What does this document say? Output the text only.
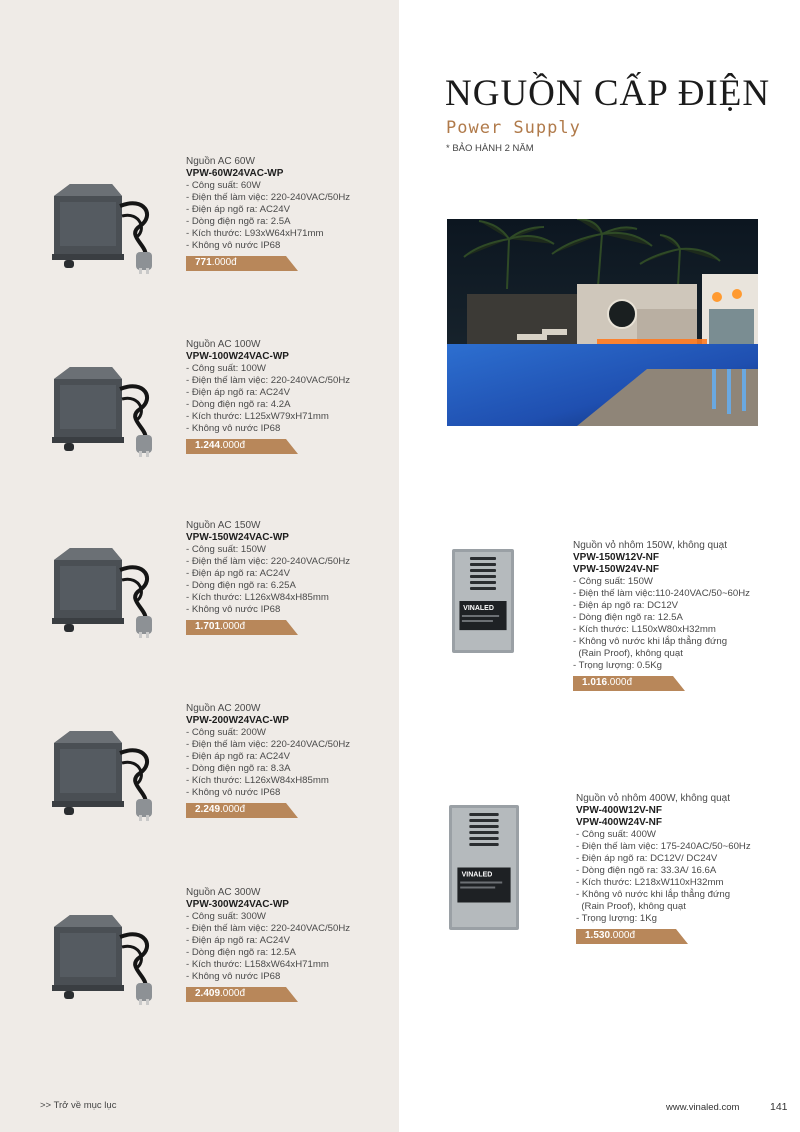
NGUỒN CẤP ĐIỆN
Power Supply
* BẢO HÀNH 2 NĂM
Nguồn AC 60W
VPW-60W24VAC-WP
- Công suất: 60W
- Điện thế làm việc: 220-240VAC/50Hz
- Điện áp ngõ ra: AC24V
- Dòng điện ngõ ra: 2.5A
- Kích thước: L93xW64xH71mm
- Không vô nước IP68
771.000đ
Nguồn AC 100W
VPW-100W24VAC-WP
- Công suất: 100W
- Điện thế làm việc: 220-240VAC/50Hz
- Điện áp ngõ ra: AC24V
- Dòng điện ngõ ra: 4.2A
- Kích thước: L125xW79xH71mm
- Không vô nước IP68
1.244.000đ
Nguồn AC 150W
VPW-150W24VAC-WP
- Công suất: 150W
- Điện thế làm việc: 220-240VAC/50Hz
- Điện áp ngõ ra: AC24V
- Dòng điện ngõ ra: 6.25A
- Kích thước: L126xW84xH85mm
- Không vô nước IP68
1.701.000đ
Nguồn AC 200W
VPW-200W24VAC-WP
- Công suất: 200W
- Điện thế làm việc: 220-240VAC/50Hz
- Điện áp ngõ ra: AC24V
- Dòng điện ngõ ra: 8.3A
- Kích thước: L126xW84xH85mm
- Không vô nước IP68
2.249.000đ
Nguồn AC 300W
VPW-300W24VAC-WP
- Công suất: 300W
- Điện thế làm việc: 220-240VAC/50Hz
- Điện áp ngõ ra: AC24V
- Dòng điện ngõ ra: 12.5A
- Kích thước: L158xW64xH71mm
- Không vô nước IP68
2.409.000đ
VINALED
Nguồn vỏ nhôm 150W, không quạt
VPW-150W12V-NF
VPW-150W24V-NF
- Công suất: 150W
- Điện thế làm việc:110-240VAC/50~60Hz
- Điện áp ngõ ra: DC12V
- Dòng điện ngõ ra: 12.5A
- Kích thước: L150xW80xH32mm
- Không vô nước khi lắp thẳng đứng
(Rain Proof), không quạt
- Trọng lượng: 0.5Kg
1.016.000đ
VINALED
Nguồn vỏ nhôm 400W, không quạt
VPW-400W12V-NF
VPW-400W24V-NF
- Công suất: 400W
- Điện thế làm việc: 175-240AC/50~60Hz
- Điện áp ngõ ra: DC12V/ DC24V
- Dòng điện ngõ ra: 33.3A/ 16.6A
- Kích thước: L218xW110xH32mm
- Không vô nước khi lắp thẳng đứng
(Rain Proof), không quạt
- Trọng lượng: 1Kg
1.530.000đ
>> Trở về mục lục	www.vinaled.com	141
